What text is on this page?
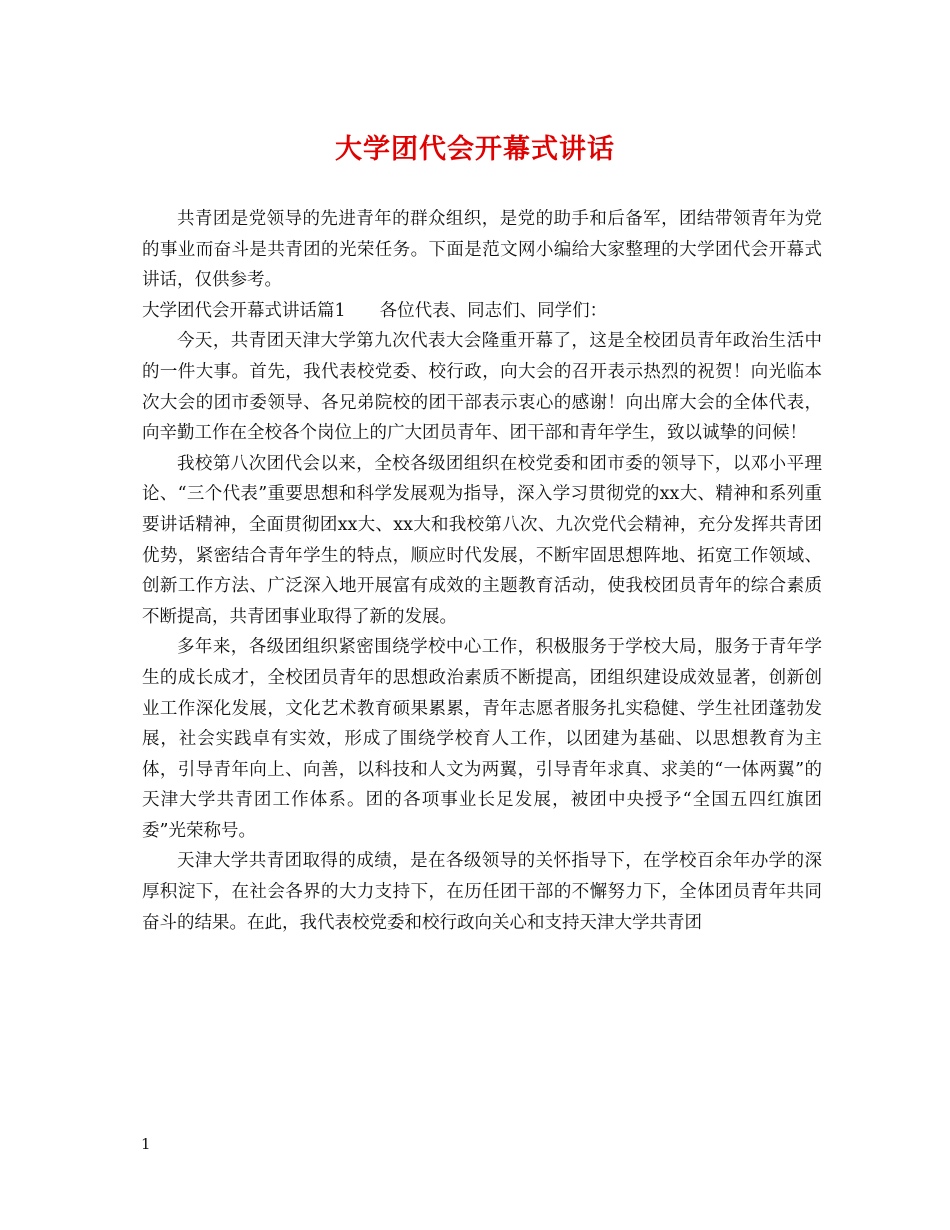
大学团代会开幕式讲话

共青团是党领导的先进青年的群众组织，是党的助手和后备军，团结带领青年为党的事业而奋斗是共青团的光荣任务。下面是范文网小编给大家整理的大学团代会开幕式讲话，仅供参考。

大学团代会开幕式讲话篇1 各位代表、同志们、同学们：

今天，共青团天津大学第九次代表大会隆重开幕了，这是全校团员青年政治生活中的一件大事。首先，我代表校党委、校行政，向大会的召开表示热烈的祝贺！向光临本次大会的团市委领导、各兄弟院校的团干部表示衷心的感谢！向出席大会的全体代表，向辛勤工作在全校各个岗位上的广大团员青年、团干部和青年学生，致以诚挚的问候！

我校第八次团代会以来，全校各级团组织在校党委和团市委的领导下，以邓小平理论、“三个代表”重要思想和科学发展观为指导，深入学习贯彻党的xx大、精神和系列重要讲话精神，全面贯彻团xx大、xx大和我校第八次、九次党代会精神，充分发挥共青团优势，紧密结合青年学生的特点，顺应时代发展，不断牢固思想阵地、拓宽工作领域、创新工作方法、广泛深入地开展富有成效的主题教育活动，使我校团员青年的综合素质不断提高，共青团事业取得了新的发展。

多年来，各级团组织紧密围绕学校中心工作，积极服务于学校大局，服务于青年学生的成长成才，全校团员青年的思想政治素质不断提高，团组织建设成效显著，创新创业工作深化发展，文化艺术教育硕果累累，青年志愿者服务扎实稳健、学生社团蓬勃发展，社会实践卓有实效，形成了围绕学校育人工作，以团建为基础、以思想教育为主体，引导青年向上、向善，以科技和人文为两翼，引导青年求真、求美的“一体两翼”的天津大学共青团工作体系。团的各项事业长足发展，被团中央授予“全国五四红旗团委”光荣称号。

天津大学共青团取得的成绩，是在各级领导的关怀指导下，在学校百余年办学的深厚积淀下，在社会各界的大力支持下，在历任团干部的不懈努力下，全体团员青年共同奋斗的结果。在此，我代表校党委和校行政向关心和支持天津大学共青团

1
